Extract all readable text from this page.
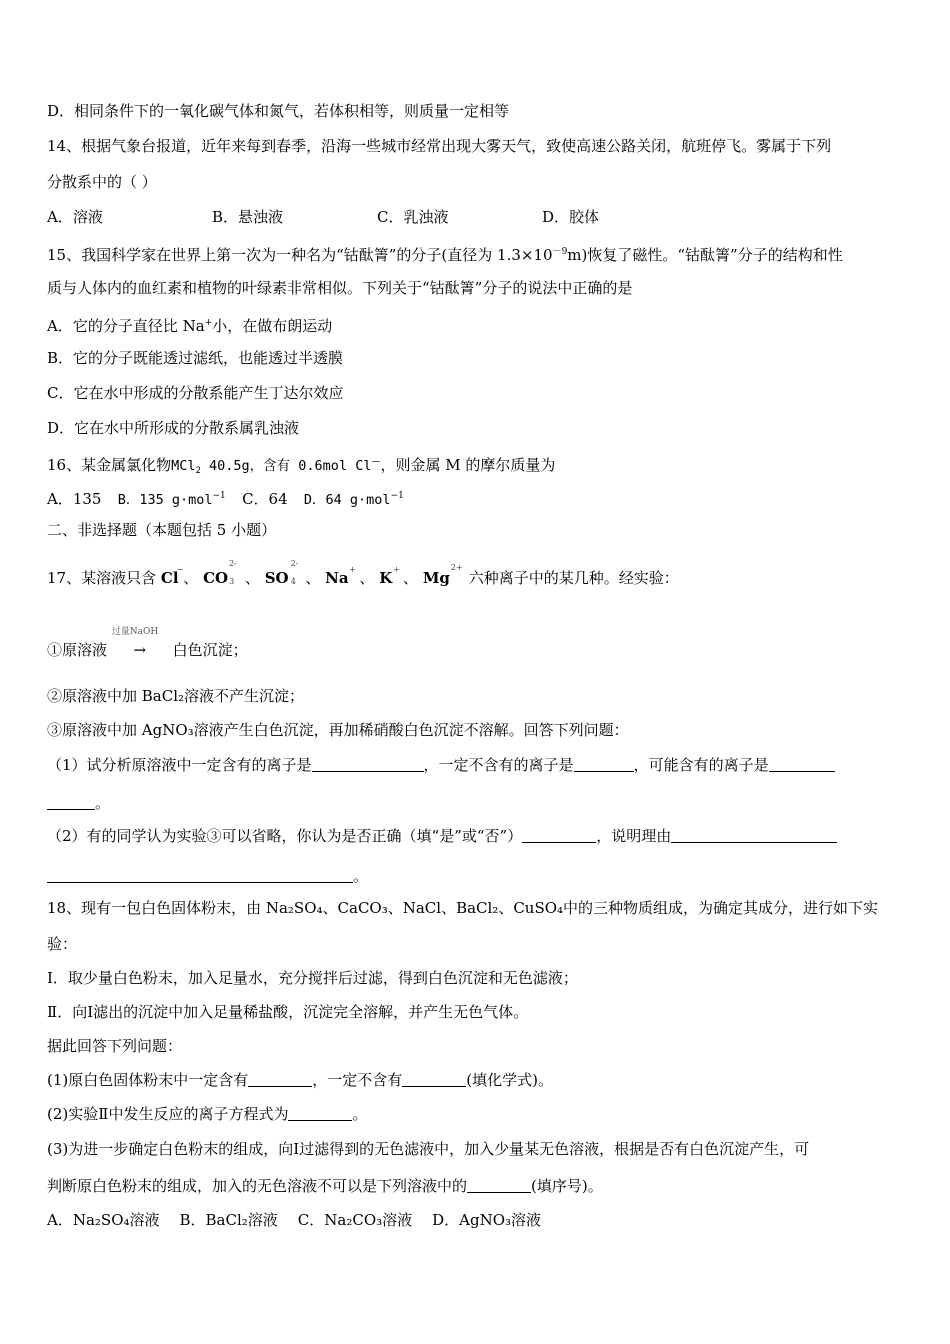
D．相同条件下的一氧化碳气体和氮气，若体积相等，则质量一定相等
14、根据气象台报道，近年来每到春季，沿海一些城市经常出现大雾天气，致使高速公路关闭，航班停飞。雾属于下列
分散系中的（ ）
A．溶液	B．悬浊液	C．乳浊液	D．胶体
15、我国科学家在世界上第一次为一种名为“钴酞箐”的分子(直径为 $1.3\times 10^{-9}m$)恢复了磁性。“钴酞箐”分子的结构和性
质与人体内的血红素和植物的叶绿素非常相似。下列关于“钴酞箐”分子的说法中正确的是
A．它的分子直径比 Na+小，在做布朗运动
B．它的分子既能透过滤纸，也能透过半透膜
C．它在水中形成的分散系能产生丁达尔效应
D．它在水中所形成的分散系属乳浊液
16、某金属氯化物MCl$_2$ 40.5g，含有 0.6mol Cl—，则金属 M 的摩尔质量为
A．135 B．135 g·mol$^{-1}$ C．64 D．64 g·mol$^{-1}$
二、非选择题（本题包括 5 小题）
17、某溶液只含 Cl
− 、 CO
2-
3 、 SO
2-
4 、 Na + 、 K + 、 Mg
2+
六种离子中的某几种。经实验：
①原溶液
过量NaOH
→ 白色沉淀；
②原溶液中加 BaCl₂溶液不产生沉淀；
③原溶液中加 AgNO₃溶液产生白色沉淀，再加稀硝酸白色沉淀不溶解。回答下列问题：
（1）试分析原溶液中一定含有的离子是	，一定不含有的离子是	，可能含有的离子是
。
（2）有的同学认为实验③可以省略，你认为是否正确（填“是”或“否”）	，说明理由
。
18、现有一包白色固体粉末，由 Na₂SO₄、CaCO₃、NaCl、BaCl₂、CuSO₄中的三种物质组成，为确定其成分，进行如下实
验：
Ⅰ．取少量白色粉末，加入足量水，充分搅拌后过滤，得到白色沉淀和无色滤液；
Ⅱ．向Ⅰ滤出的沉淀中加入足量稀盐酸，沉淀完全溶解，并产生无色气体。
据此回答下列问题：
(1)原白色固体粉末中一定含有	，一定不含有	(填化学式)。
(2)实验Ⅱ中发生反应的离子方程式为	。
(3)为进一步确定白色粉末的组成，向Ⅰ过滤得到的无色滤液中，加入少量某无色溶液，根据是否有白色沉淀产生，可
判断原白色粉末的组成，加入的无色溶液不可以是下列溶液中的	(填序号)。
A．Na₂SO₄溶液 B．BaCl₂溶液 C．Na₂CO₃溶液 D．AgNO₃溶液
